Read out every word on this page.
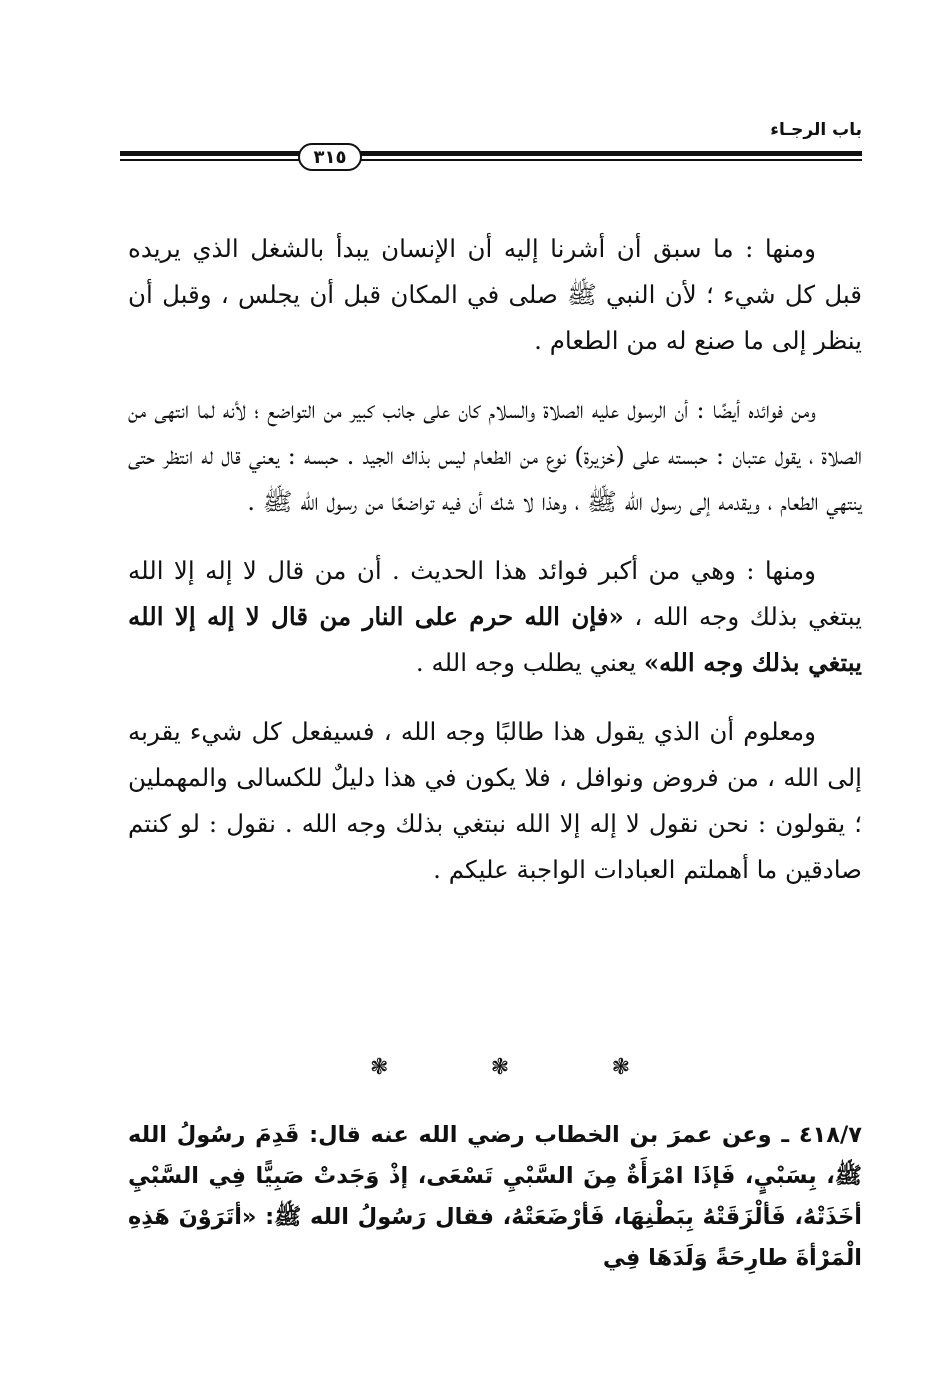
باب الرجـاء
٣١٥

ومنها : ما سبق أن أشرنا إليه أن الإنسان يبدأ بالشغل الذي يريده قبل كل شيء ؛ لأن النبي ﷺ صلى في المكان قبل أن يجلس ، وقبل أن ينظر إلى ما صنع له من الطعام .

ومن فوائده أيضًا : أن الرسول عليه الصلاة والسلام كان على جانب كبير من التواضع ؛ لأنه لما انتهى من الصلاة ، يقول عتبان : حبسته على (خزيرة) نوع من الطعام ليس بذاك الجيد . حبسه : يعني قال له انتظر حتى ينتهي الطعام ، ويقدمه إلى رسول الله ﷺ ، وهذا لا شك أن فيه تواضعًا من رسول الله ﷺ .

ومنها : وهي من أكبر فوائد هذا الحديث . أن من قال لا إله إلا الله يبتغي بذلك وجه الله ، «فإن الله حرم على النار من قال لا إله إلا الله يبتغي بذلك وجه الله» يعني يطلب وجه الله .

ومعلوم أن الذي يقول هذا طالبًا وجه الله ، فسيفعل كل شيء يقربه إلى الله ، من فروض ونوافل ، فلا يكون في هذا دليلٌ للكسالى والمهملين ؛ يقولون : نحن نقول لا إله إلا الله نبتغي بذلك وجه الله . نقول : لو كنتم صادقين ما أهملتم العبادات الواجبة عليكم .

❃	❃	❃

٤١٨/٧ ـ وعن عمرَ بن الخطاب رضي الله عنه قال: قَدِمَ رسُولُ الله ﷺ، بِسَبْيٍ، فَإذَا امْرَأَةٌ مِنَ السَّبْيِ تَسْعَى، إذْ وَجَدتْ صَبِيًّا فِي السَّبْيِ أخَذَتْهُ، فَألْزَقَتْهُ بِبَطْنِهَا، فَأرْضَعَتْهُ، فقال رَسُولُ الله ﷺ: «أتَرَوْنَ هَذِهِ الْمَرْأةَ طارِحَةً وَلَدَهَا فِي
